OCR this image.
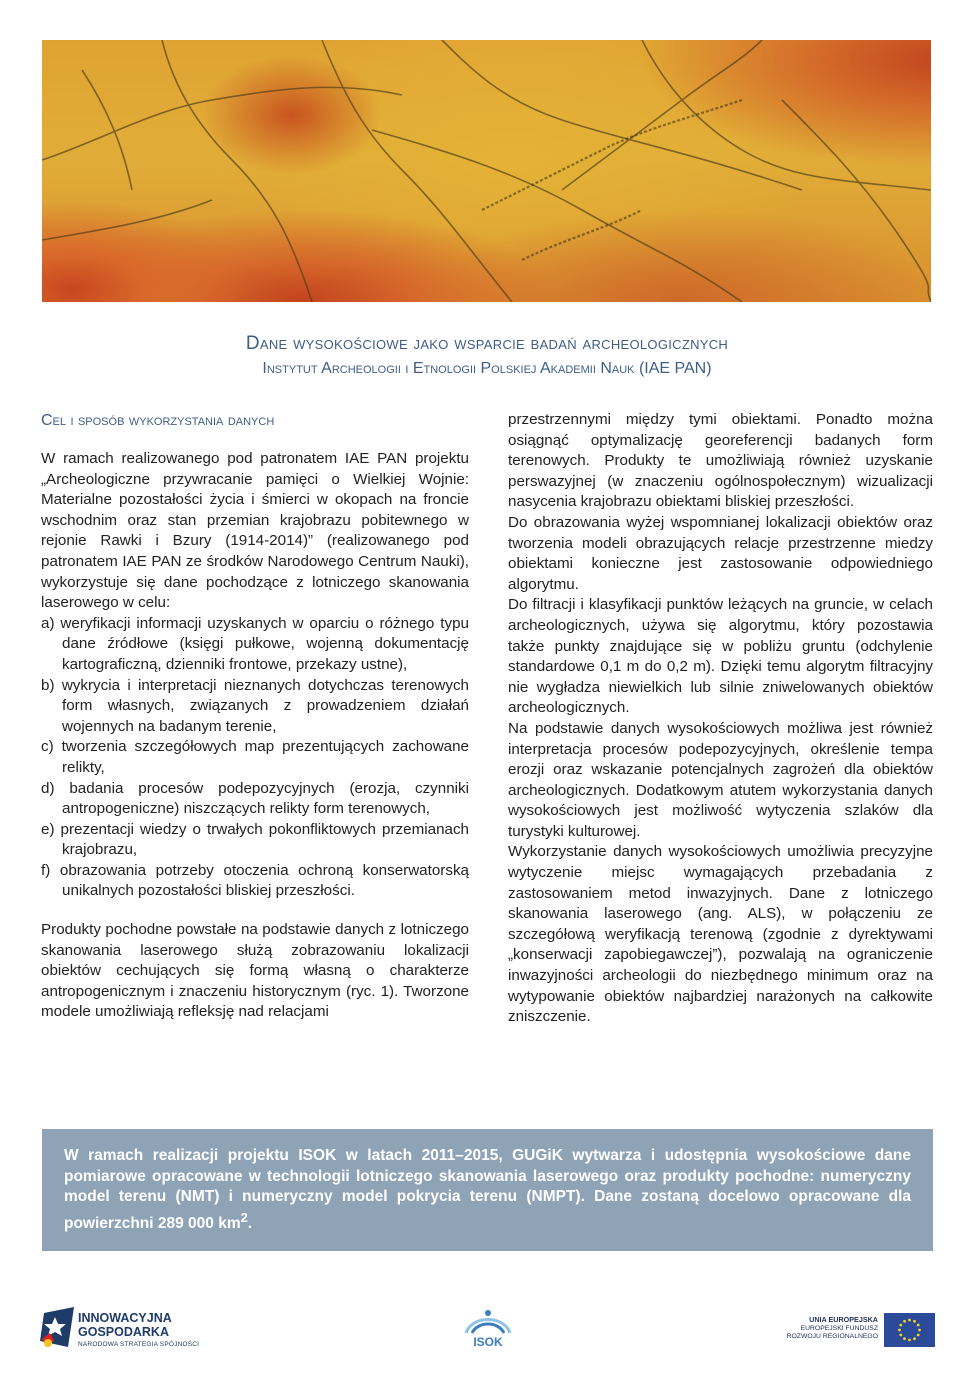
Dane wysokościowe jako wsparcie badań archeologicznych
Instytut Archeologii i Etnologii Polskiej Akademii Nauk (IAE PAN)
Cel i sposób wykorzystania danych

W ramach realizowanego pod patronatem IAE PAN projektu „Archeologiczne przywracanie pamięci o Wielkiej Wojnie: Materialne pozostałości życia i śmierci w okopach na froncie wschodnim oraz stan przemian krajobrazu pobitewnego w rejonie Rawki i Bzury (1914-2014)” (realizowanego pod patronatem IAE PAN ze środków Narodowego Centrum Nauki), wykorzystuje się dane pochodzące z lotniczego skanowania laserowego w celu:

a) weryfikacji informacji uzyskanych w oparciu o różnego typu dane źródłowe (księgi pułkowe, wojenną dokumentację kartograficzną, dzienniki frontowe, przekazy ustne),
b) wykrycia i interpretacji nieznanych dotychczas terenowych form własnych, związanych z prowadzeniem działań wojennych na badanym terenie,
c) tworzenia szczegółowych map prezentujących zachowane relikty,
d) badania procesów podepozycyjnych (erozja, czynniki antropogeniczne) niszczących relikty form terenowych,
e) prezentacji wiedzy o trwałych pokonfliktowych przemianach krajobrazu,
f) obrazowania potrzeby otoczenia ochroną konserwatorską unikalnych pozostałości bliskiej przeszłości.

Produkty pochodne powstałe na podstawie danych z lotniczego skanowania laserowego służą zobrazowaniu lokalizacji obiektów cechujących się formą własną o charakterze antropogenicznym i znaczeniu historycznym (ryc. 1). Tworzone modele umożliwiają refleksję nad relacjami

przestrzennymi między tymi obiektami. Ponadto można osiągnąć optymalizację georeferencji badanych form terenowych. Produkty te umożliwiają również uzyskanie perswazyjnej (w znaczeniu ogólnospołecznym) wizualizacji nasycenia krajobrazu obiektami bliskiej przeszłości.

Do obrazowania wyżej wspomnianej lokalizacji obiektów oraz tworzenia modeli obrazujących relacje przestrzenne miedzy obiektami konieczne jest zastosowanie odpowiedniego algorytmu.

Do filtracji i klasyfikacji punktów leżących na gruncie, w celach archeologicznych, używa się algorytmu, który pozostawia także punkty znajdujące się w pobliżu gruntu (odchylenie standardowe 0,1 m do 0,2 m). Dzięki temu algorytm filtracyjny nie wygładza niewielkich lub silnie zniwelowanych obiektów archeologicznych.

Na podstawie danych wysokościowych możliwa jest również interpretacja procesów podepozycyjnych, określenie tempa erozji oraz wskazanie potencjalnych zagrożeń dla obiektów archeologicznych. Dodatkowym atutem wykorzystania danych wysokościowych jest możliwość wytyczenia szlaków dla turystyki kulturowej.

Wykorzystanie danych wysokościowych umożliwia precyzyjne wytyczenie miejsc wymagających przebadania z zastosowaniem metod inwazyjnych. Dane z lotniczego skanowania laserowego (ang. ALS), w połączeniu ze szczegółową weryfikacją terenową (zgodnie z dyrektywami „konserwacji zapobiegawczej”), pozwalają na ograniczenie inwazyjności archeologii do niezbędnego minimum oraz na wytypowanie obiektów najbardziej narażonych na całkowite zniszczenie.

W ramach realizacji projektu ISOK w latach 2011–2015, GUGiK wytwarza i udostępnia wysokościowe dane pomiarowe opracowane w technologii lotniczego skanowania laserowego oraz produkty pochodne: numeryczny model terenu (NMT) i numeryczny model pokrycia terenu (NMPT). Dane zostaną docelowo opracowane dla powierzchni 289 000 $km^2$.
INNOWACYJNA
GOSPODARKA
NARODOWA STRATEGIA SPÓJNOŚCI	ISOK
UNIA EUROPEJSKA
EUROPEJSKI FUNDUSZ
ROZWOJU REGIONALNEGO
